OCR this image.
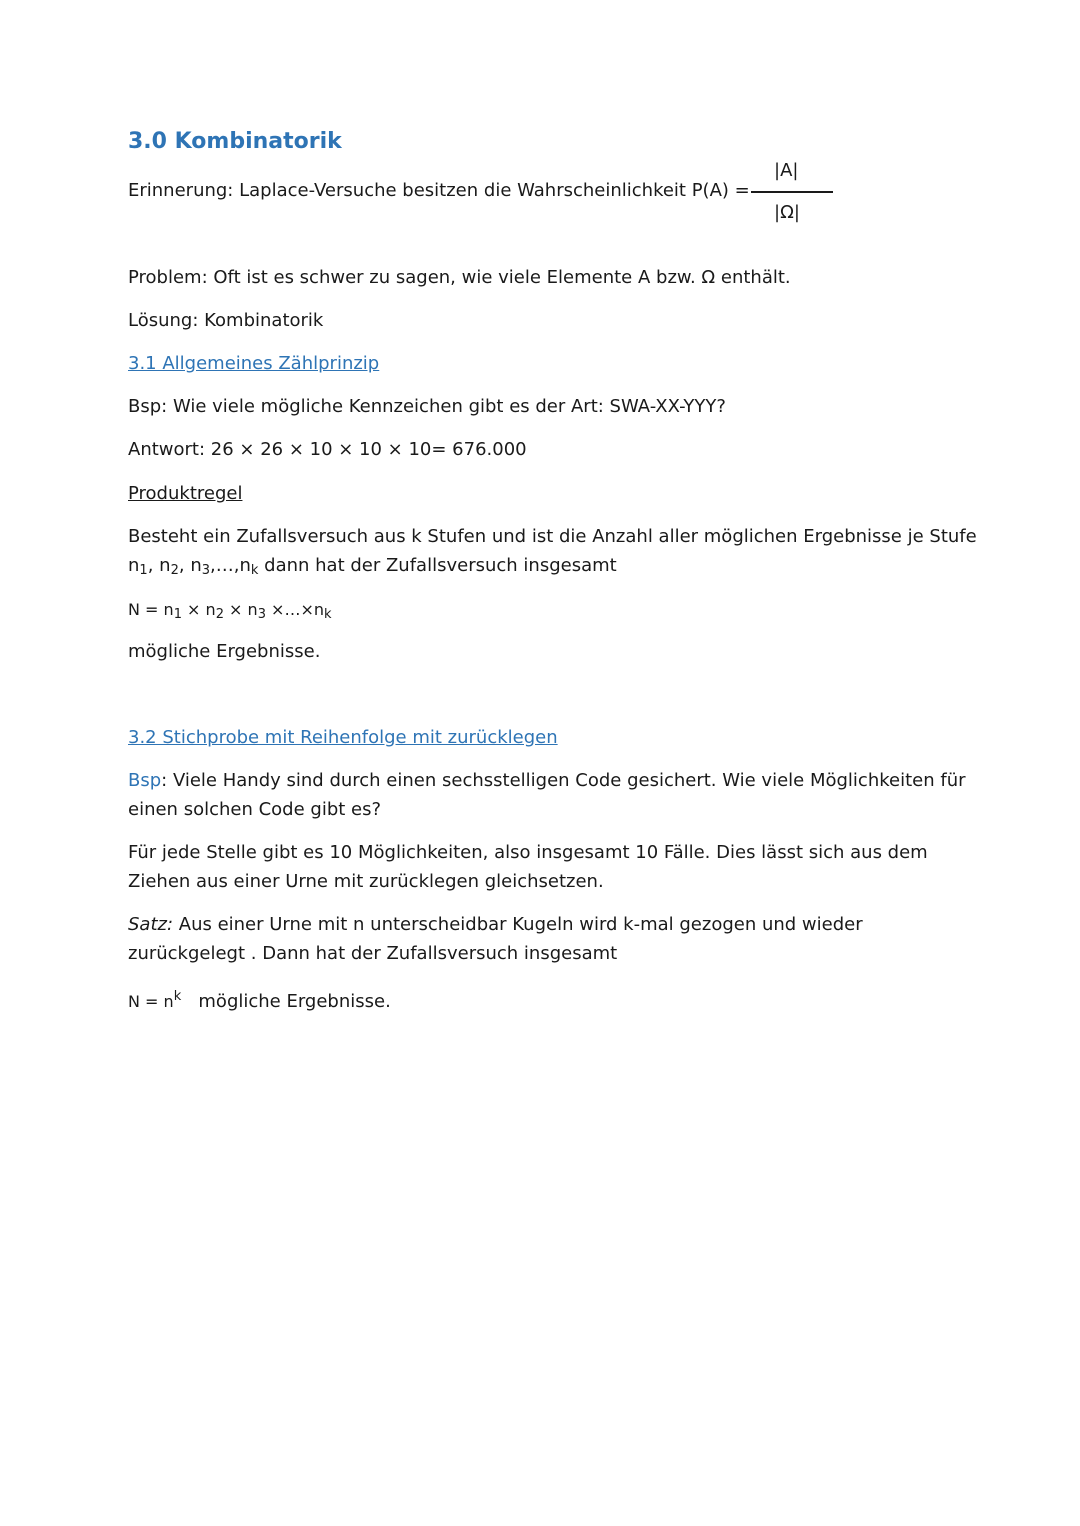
3.0 Kombinatorik
Erinnerung: Laplace-Versuche besitzen die Wahrscheinlichkeit P(A) =
|A|
|Ω|
Problem: Oft ist es schwer zu sagen, wie viele Elemente A bzw. Ω enthält.
Lösung: Kombinatorik
3.1 Allgemeines Zählprinzip
Bsp: Wie viele mögliche Kennzeichen gibt es der Art: SWA-XX-YYY?
Antwort: 26 × 26 × 10 × 10 × 10= 676.000
Produktregel
Besteht ein Zufallsversuch aus k Stufen und ist die Anzahl aller möglichen Ergebnisse je Stufe
$n_1$, $n_2$, $n_3,\dots,n_k$ dann hat der Zufallsversuch insgesamt
$N = n_1 \times n_2 \times n_3$ $\times\dots\times n_k$
mögliche Ergebnisse.
3.2 Stichprobe mit Reihenfolge mit zurücklegen
Bsp: Viele Handy sind durch einen sechsstelligen Code gesichert. Wie viele Möglichkeiten für
einen solchen Code gibt es?
Für jede Stelle gibt es 10 Möglichkeiten, also insgesamt 10 Fälle. Dies lässt sich aus dem
Ziehen aus einer Urne mit zurücklegen gleichsetzen.
Satz: Aus einer Urne mit n unterscheidbar Kugeln wird k-mal gezogen und wieder
zurückgelegt . Dann hat der Zufallsversuch insgesamt
$N = n^k$ mögliche Ergebnisse.
